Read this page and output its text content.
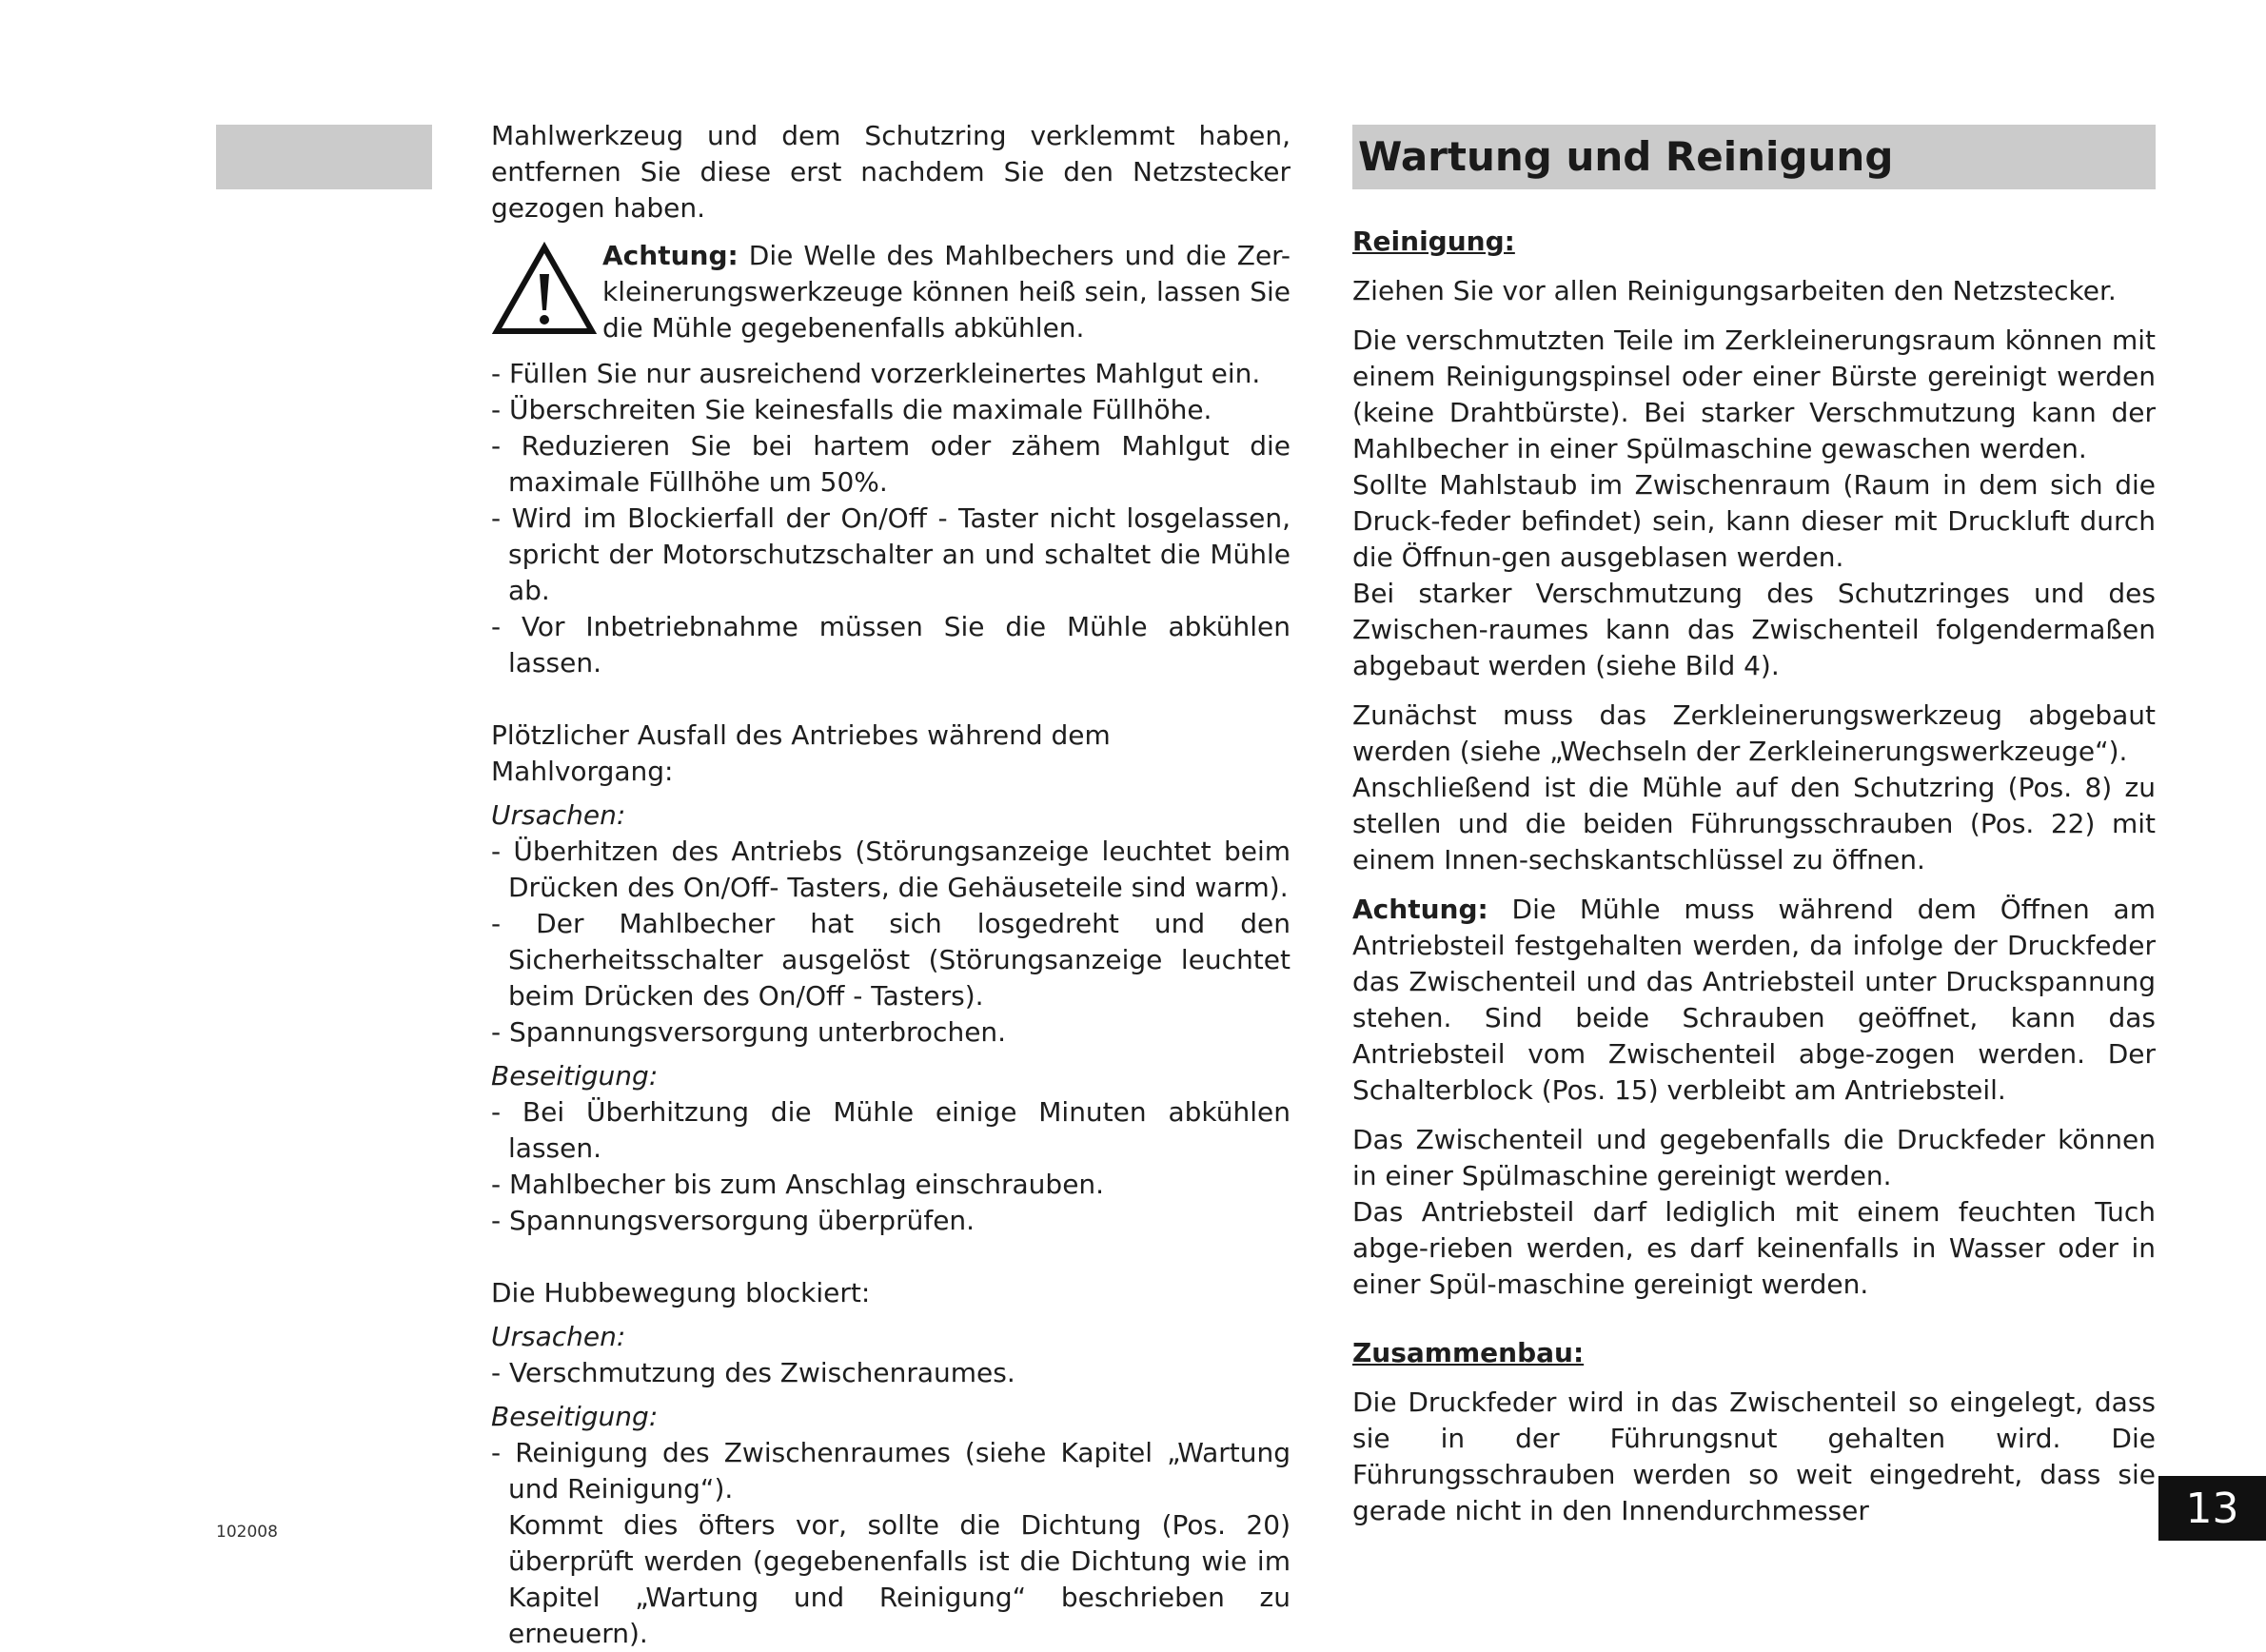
Mahlwerkzeug und dem Schutzring verklemmt haben, entfernen Sie diese erst nachdem Sie den Netzstecker gezogen haben.

Achtung: Die Welle des Mahlbechers und die Zer-kleinerungswerkzeuge können heiß sein, lassen Sie die Mühle gegebenenfalls abkühlen.

- Füllen Sie nur ausreichend vorzerkleinertes Mahlgut ein.

- Überschreiten Sie keinesfalls die maximale Füllhöhe.

- Reduzieren Sie bei hartem oder zähem Mahlgut die maximale Füllhöhe um 50%.

- Wird im Blockierfall der On/Off - Taster nicht losgelassen, spricht der Motorschutzschalter an und schaltet die Mühle ab.

- Vor Inbetriebnahme müssen Sie die Mühle abkühlen lassen.

Plötzlicher Ausfall des Antriebes während dem Mahlvorgang:

Ursachen:

- Überhitzen des Antriebs (Störungsanzeige leuchtet beim Drücken des On/Off- Tasters, die Gehäuseteile sind warm).

- Der Mahlbecher hat sich losgedreht und den Sicherheitsschalter ausgelöst (Störungsanzeige leuchtet beim Drücken des On/Off - Tasters).

- Spannungsversorgung unterbrochen.

Beseitigung:

- Bei Überhitzung die Mühle einige Minuten abkühlen lassen.

- Mahlbecher bis zum Anschlag einschrauben.

- Spannungsversorgung überprüfen.

Die Hubbewegung blockiert:

Ursachen:

- Verschmutzung des Zwischenraumes.

Beseitigung:

- Reinigung des Zwischenraumes (siehe Kapitel „Wartung und Reinigung“).

Kommt dies öfters vor, sollte die Dichtung (Pos. 20) überprüft werden (gegebenenfalls ist die Dichtung wie im Kapitel „Wartung und Reinigung“ beschrieben zu erneuern).

Wartung und Reinigung

Reinigung:

Ziehen Sie vor allen Reinigungsarbeiten den Netzstecker.

Die verschmutzten Teile im Zerkleinerungsraum können mit einem Reinigungspinsel oder einer Bürste gereinigt werden (keine Drahtbürste). Bei starker Verschmutzung kann der Mahlbecher in einer Spülmaschine gewaschen werden.

Sollte Mahlstaub im Zwischenraum (Raum in dem sich die Druck-feder befindet) sein, kann dieser mit Druckluft durch die Öffnun-gen ausgeblasen werden.

Bei starker Verschmutzung des Schutzringes und des Zwischen-raumes kann das Zwischenteil folgendermaßen abgebaut werden (siehe Bild 4).

Zunächst muss das Zerkleinerungswerkzeug abgebaut werden (siehe „Wechseln der Zerkleinerungswerkzeuge“).

Anschließend ist die Mühle auf den Schutzring (Pos. 8) zu stellen und die beiden Führungsschrauben (Pos. 22) mit einem Innen-sechskantschlüssel zu öffnen.

Achtung: Die Mühle muss während dem Öffnen am Antriebsteil festgehalten werden, da infolge der Druckfeder das Zwischenteil und das Antriebsteil unter Druckspannung stehen. Sind beide Schrauben geöffnet, kann das Antriebsteil vom Zwischenteil abge-zogen werden. Der Schalterblock (Pos. 15) verbleibt am Antriebsteil.

Das Zwischenteil und gegebenfalls die Druckfeder können in einer Spülmaschine gereinigt werden.

Das Antriebsteil darf lediglich mit einem feuchten Tuch abge-rieben werden, es darf keinenfalls in Wasser oder in einer Spül-maschine gereinigt werden.

Zusammenbau:

Die Druckfeder wird in das Zwischenteil so eingelegt, dass sie in der Führungsnut gehalten wird. Die Führungsschrauben werden so weit eingedreht, dass sie gerade nicht in den Innendurchmesser

102008	13
